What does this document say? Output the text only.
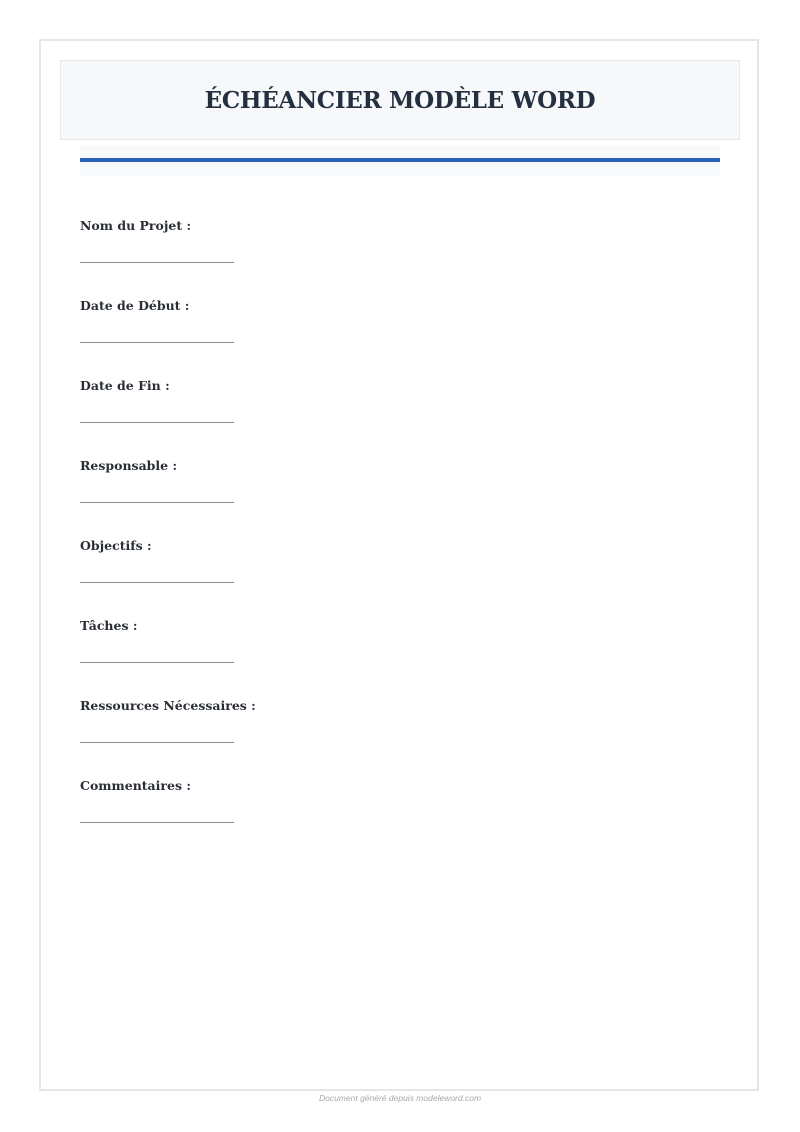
ÉCHÉANCIER MODÈLE WORD
Nom du Projet :
Date de Début :
Date de Fin :
Responsable :
Objectifs :
Tâches :
Ressources Nécessaires :
Commentaires :
Document généré depuis modeleword.com
